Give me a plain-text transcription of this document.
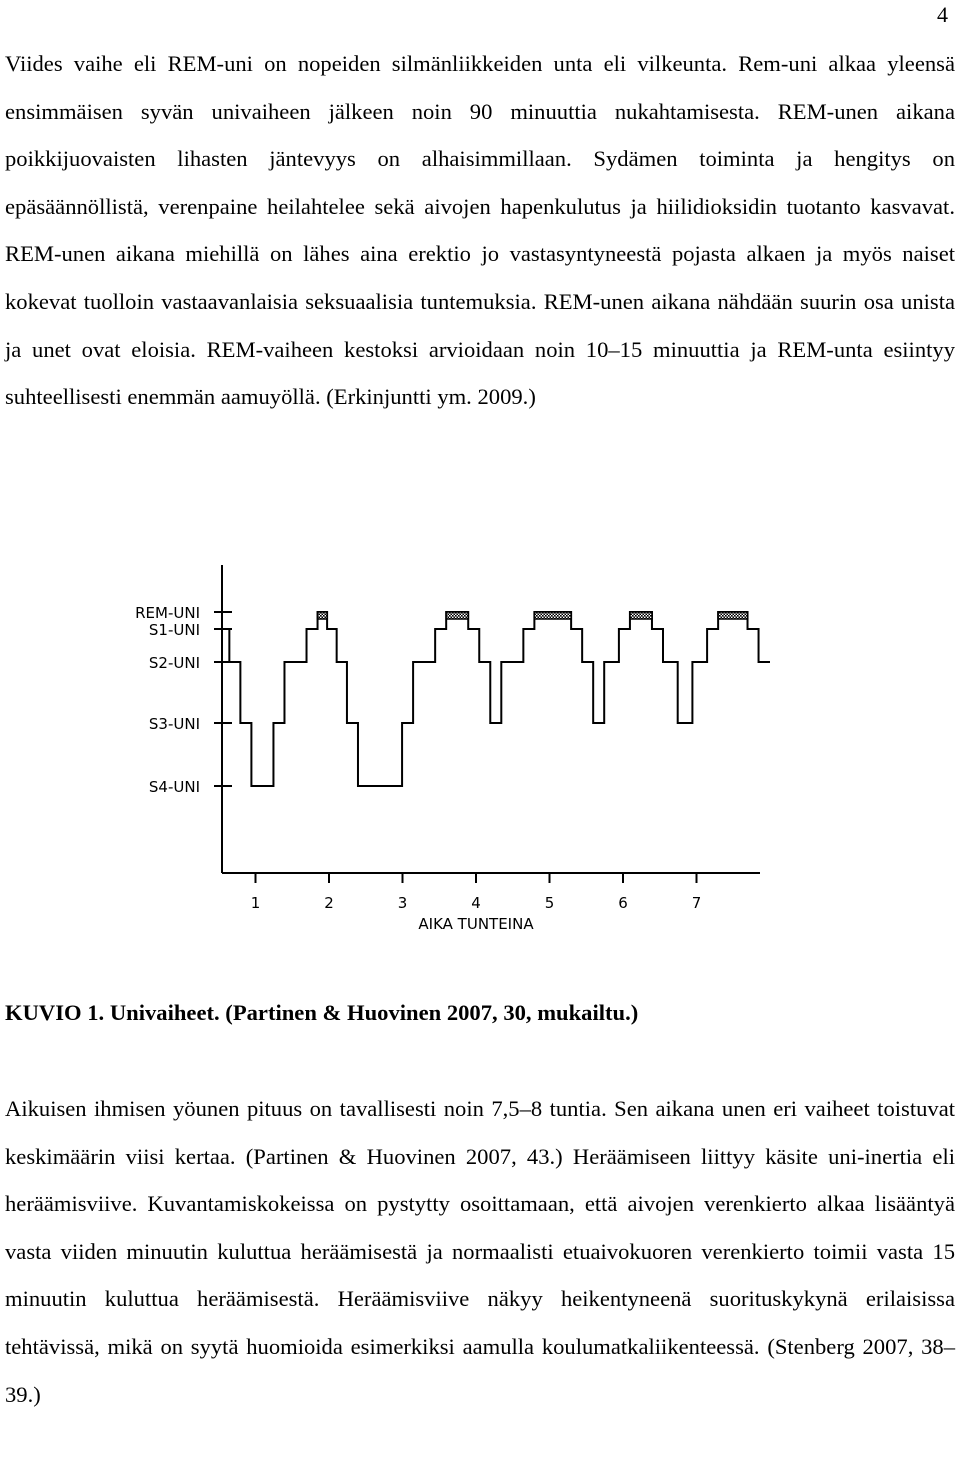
4

Viides vaihe eli REM-uni on nopeiden silmänliikkeiden unta eli vilkeunta. Rem-uni alkaa yleensä ensimmäisen syvän univaiheen jälkeen noin 90 minuuttia nukahtamisesta. REM-unen aikana poikkijuovaisten lihasten jäntevyys on alhaisimmillaan. Sydämen toiminta ja hengitys on epäsäännöllistä, verenpaine heilahtelee sekä aivojen hapenkulutus ja hiilidioksidin tuotanto kasvavat. REM-unen aikana miehillä on lähes aina erektio jo vastasyntyneestä pojasta alkaen ja myös naiset kokevat tuolloin vastaavanlaisia seksuaalisia tuntemuksia. REM-unen aikana nähdään suurin osa unista ja unet ovat eloisia. REM-vaiheen kestoksi arvioidaan noin 10–15 minuuttia ja REM-unta esiintyy suhteellisesti enemmän aamuyöllä. (Erkinjuntti ym. 2009.)

REM-UNI
S1-UNI
S2-UNI
S3-UNI
S4-UNI
1	2	3	4	5	6	7
AIKA TUNTEINA

KUVIO 1. Univaiheet. (Partinen & Huovinen 2007, 30, mukailtu.)

Aikuisen ihmisen yöunen pituus on tavallisesti noin 7,5–8 tuntia. Sen aikana unen eri vaiheet toistuvat keskimäärin viisi kertaa. (Partinen & Huovinen 2007, 43.) Heräämiseen liittyy käsite uni-inertia eli heräämisviive. Kuvantamiskokeissa on pystytty osoittamaan, että aivojen verenkierto alkaa lisääntyä vasta viiden minuutin kuluttua heräämisestä ja normaalisti etuaivokuoren verenkierto toimii vasta 15 minuutin kuluttua heräämisestä. Heräämisviive näkyy heikentyneenä suorituskykynä erilaisissa tehtävissä, mikä on syytä huomioida esimerkiksi aamulla koulumatkaliikenteessä. (Stenberg 2007, 38–39.)
